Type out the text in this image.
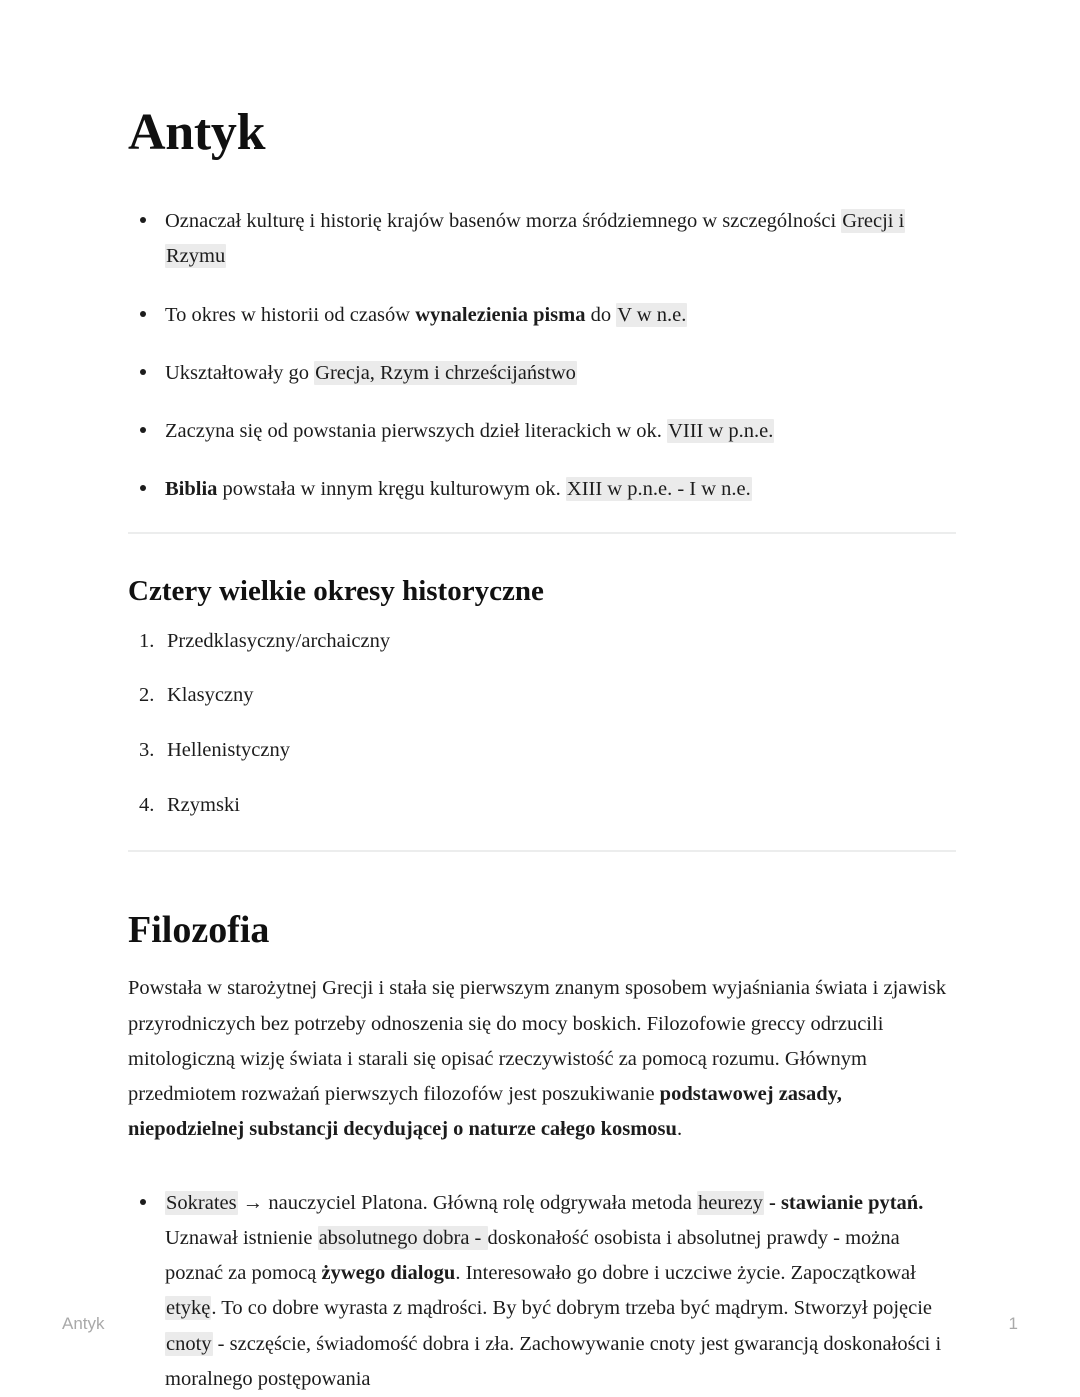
Antyk
Oznaczał kulturę i historię krajów basenów morza śródziemnego w szczególności Grecji i Rzymu
To okres w historii od czasów wynalezienia pisma do V w n.e.
Ukształtowały go Grecja, Rzym i chrześcijaństwo
Zaczyna się od powstania pierwszych dzieł literackich w ok. VIII w p.n.e.
Biblia powstała w innym kręgu kulturowym ok. XIII w p.n.e. - I w n.e.
Cztery wielkie okresy historyczne
Przedklasyczny/archaiczny
Klasyczny
Hellenistyczny
Rzymski
Filozofia

Powstała w starożytnej Grecji i stała się pierwszym znanym sposobem wyjaśniania świata i zjawisk przyrodniczych bez potrzeby odnoszenia się do mocy boskich. Filozofowie greccy odrzucili mitologiczną wizję świata i starali się opisać rzeczywistość za pomocą rozumu. Głównym przedmiotem rozważań pierwszych filozofów jest poszukiwanie podstawowej zasady, niepodzielnej substancji decydującej o naturze całego kosmosu.

Sokrates → nauczyciel Platona. Główną rolę odgrywała metoda heurezy - stawianie pytań. Uznawał istnienie absolutnego dobra - doskonałość osobista i absolutnej prawdy - można poznać za pomocą żywego dialogu. Interesowało go dobre i uczciwe życie. Zapoczątkował etykę. To co dobre wyrasta z mądrości. By być dobrym trzeba być mądrym. Stworzył pojęcie cnoty - szczęście, świadomość dobra i zła. Zachowywanie cnoty jest gwarancją doskonałości i moralnego postępowania
Antyk	1
